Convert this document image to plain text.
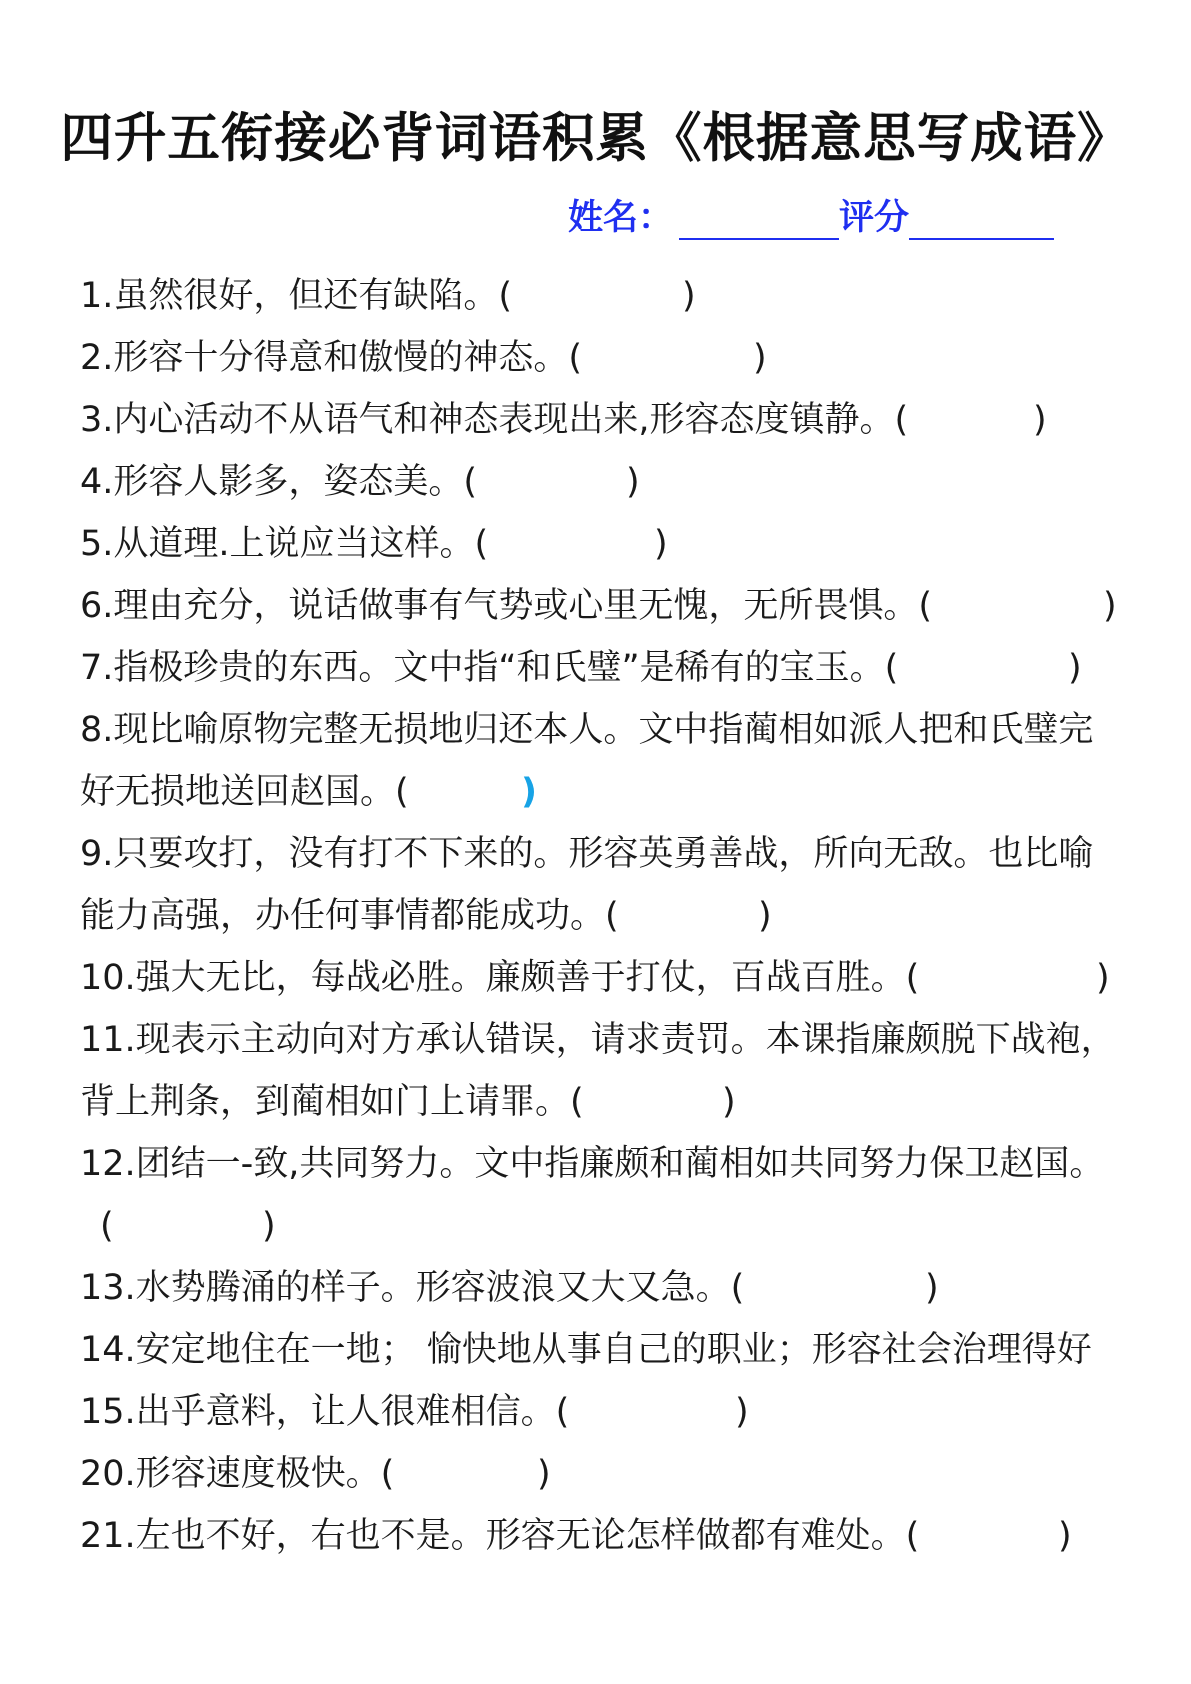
四升五衔接必背词语积累《根据意思写成语》
姓名：	评分
1.虽然很好，但还有缺陷。(	)
2.形容十分得意和傲慢的神态。(	)
3.内心活动不从语气和神态表现出来,形容态度镇静。(	)
4.形容人影多，姿态美。(	)
5.从道理.上说应当这样。(	)
6.理由充分，说话做事有气势或心里无愧，无所畏惧。(	)
7.指极珍贵的东西。文中指“和氏璧”是稀有的宝玉。(	)
8.现比喻原物完整无损地归还本人。文中指蔺相如派人把和氏璧完
好无损地送回赵国。(	)
9.只要攻打，没有打不下来的。形容英勇善战，所向无敌。也比喻
能力高强，办任何事情都能成功。(	)
10.强大无比，每战必胜。廉颇善于打仗，百战百胜。(	)
11.现表示主动向对方承认错误，请求责罚。本课指廉颇脱下战袍，
背上荆条，到蔺相如门上请罪。(	)
12.团结一-致,共同努力。文中指廉颇和蔺相如共同努力保卫赵国。
(	)
13.水势腾涌的样子。形容波浪又大又急。(	)
14.安定地住在一地； 愉快地从事自己的职业；形容社会治理得好
15.出乎意料，让人很难相信。(	)
20.形容速度极快。(	)
21.左也不好，右也不是。形容无论怎样做都有难处。(	)
